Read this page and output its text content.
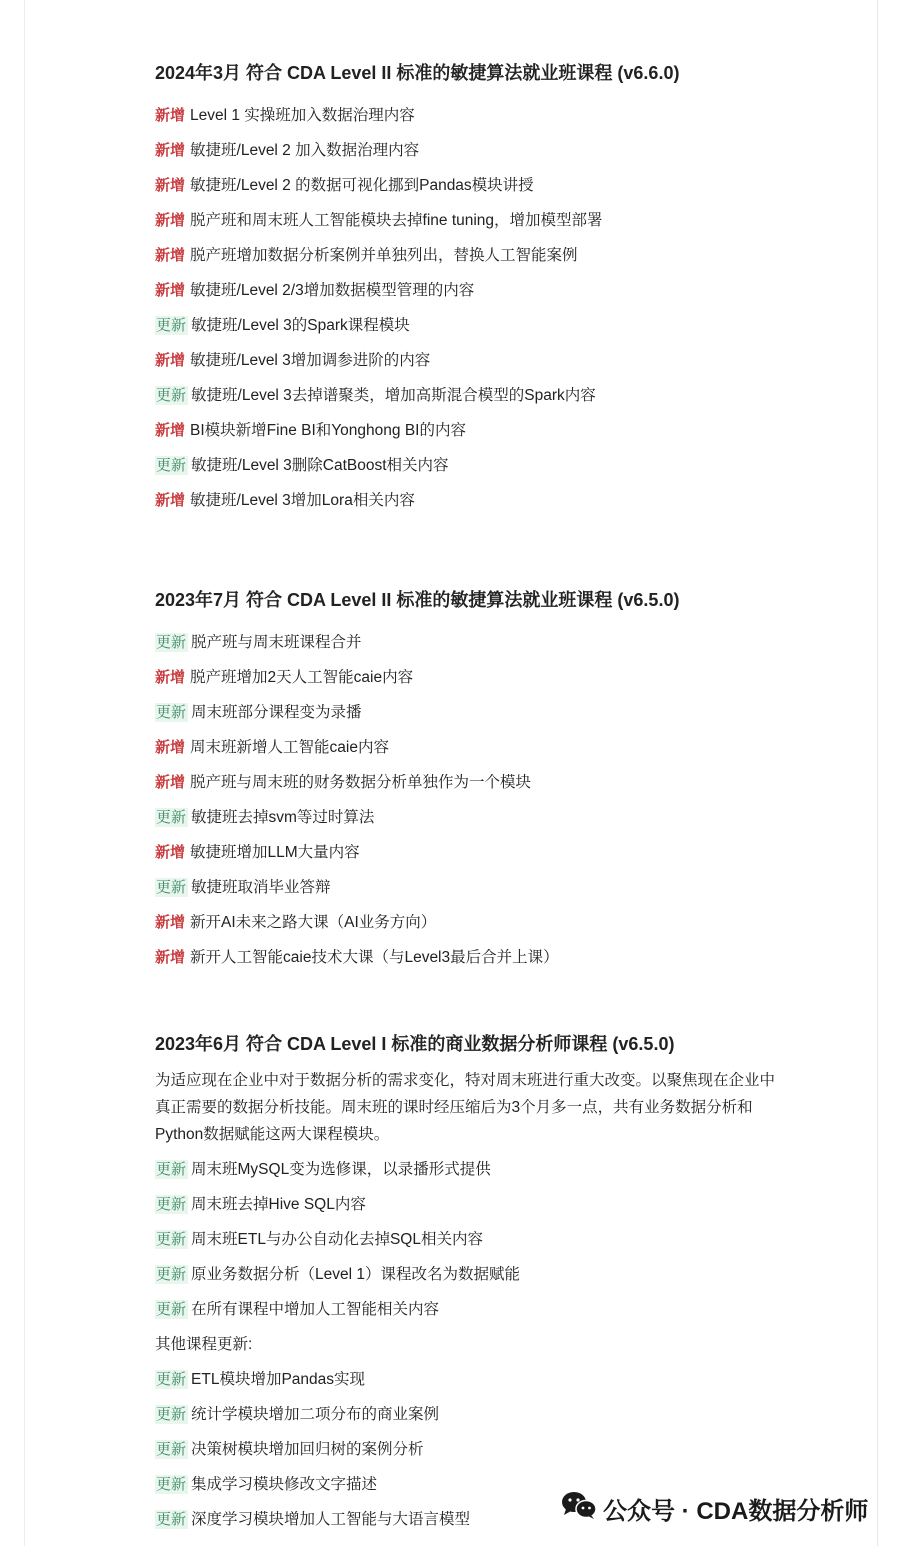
2024年3月 符合 CDA Level II 标准的敏捷算法就业班课程 (v6.6.0)
新增 Level 1 实操班加入数据治理内容
新增 敏捷班/Level 2 加入数据治理内容
新增 敏捷班/Level 2 的数据可视化挪到Pandas模块讲授
新增 脱产班和周末班人工智能模块去掉fine tuning，增加模型部署
新增 脱产班增加数据分析案例并单独列出，替换人工智能案例
新增 敏捷班/Level 2/3增加数据模型管理的内容
更新 敏捷班/Level 3的Spark课程模块
新增 敏捷班/Level 3增加调参进阶的内容
更新 敏捷班/Level 3去掉谱聚类，增加高斯混合模型的Spark内容
新增 BI模块新增Fine BI和Yonghong BI的内容
更新 敏捷班/Level 3删除CatBoost相关内容
新增 敏捷班/Level 3增加Lora相关内容
2023年7月 符合 CDA Level II 标准的敏捷算法就业班课程 (v6.5.0)
更新 脱产班与周末班课程合并
新增 脱产班增加2天人工智能caie内容
更新 周末班部分课程变为录播
新增 周末班新增人工智能caie内容
新增 脱产班与周末班的财务数据分析单独作为一个模块
更新 敏捷班去掉svm等过时算法
新增 敏捷班增加LLM大量内容
更新 敏捷班取消毕业答辩
新增 新开AI未来之路大课（AI业务方向）
新增 新开人工智能caie技术大课（与Level3最后合并上课）
2023年6月 符合 CDA Level I 标准的商业数据分析师课程 (v6.5.0)
为适应现在企业中对于数据分析的需求变化，特对周末班进行重大改变。以聚焦现在企业中
真正需要的数据分析技能。周末班的课时经压缩后为3个月多一点，共有业务数据分析和
Python数据赋能这两大课程模块。
更新 周末班MySQL变为选修课，以录播形式提供
更新 周末班去掉Hive SQL内容
更新 周末班ETL与办公自动化去掉SQL相关内容
更新 原业务数据分析（Level 1）课程改名为数据赋能
更新 在所有课程中增加人工智能相关内容
其他课程更新:
更新 ETL模块增加Pandas实现
更新 统计学模块增加二项分布的商业案例
更新 决策树模块增加回归树的案例分析
更新 集成学习模块修改文字描述
更新 深度学习模块增加人工智能与大语言模型	公众号 · CDA数据分析师
